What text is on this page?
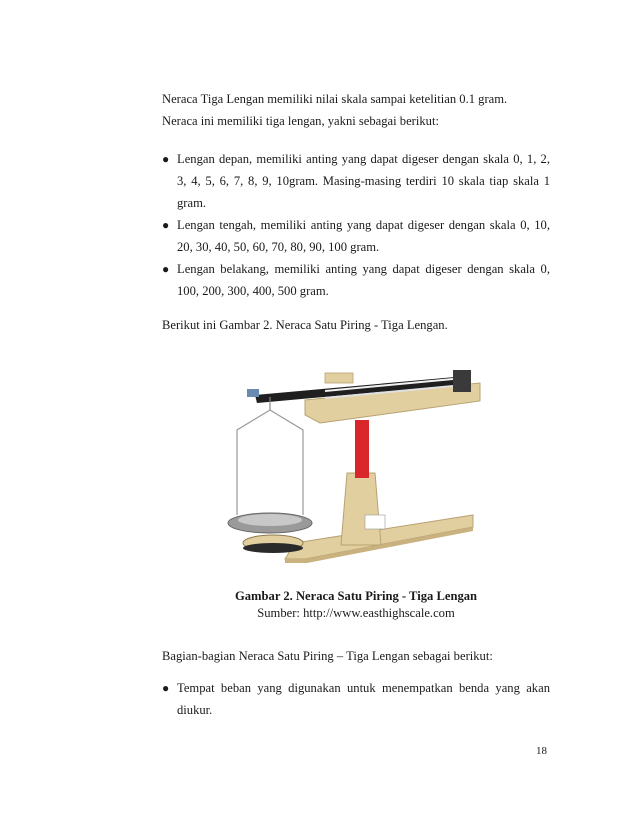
Neraca Tiga Lengan memiliki nilai skala sampai ketelitian 0.1 gram.

Neraca ini memiliki tiga lengan, yakni sebagai berikut:

● Lengan depan, memiliki anting yang dapat digeser dengan skala 0, 1, 2, 3, 4, 5, 6, 7, 8, 9, 10gram. Masing-masing terdiri 10 skala tiap skala 1 gram.
● Lengan tengah, memiliki anting yang dapat digeser dengan skala 0, 10, 20, 30, 40, 50, 60, 70, 80, 90, 100 gram.
● Lengan belakang, memiliki anting yang dapat digeser dengan skala 0, 100, 200, 300, 400, 500 gram.

Berikut ini Gambar 2. Neraca Satu Piring - Tiga Lengan.

Gambar 2. Neraca Satu Piring - Tiga Lengan
Sumber: http://www.easthighscale.com

Bagian-bagian Neraca Satu Piring – Tiga Lengan sebagai berikut:

● Tempat beban yang digunakan untuk menempatkan benda yang akan diukur.
18
